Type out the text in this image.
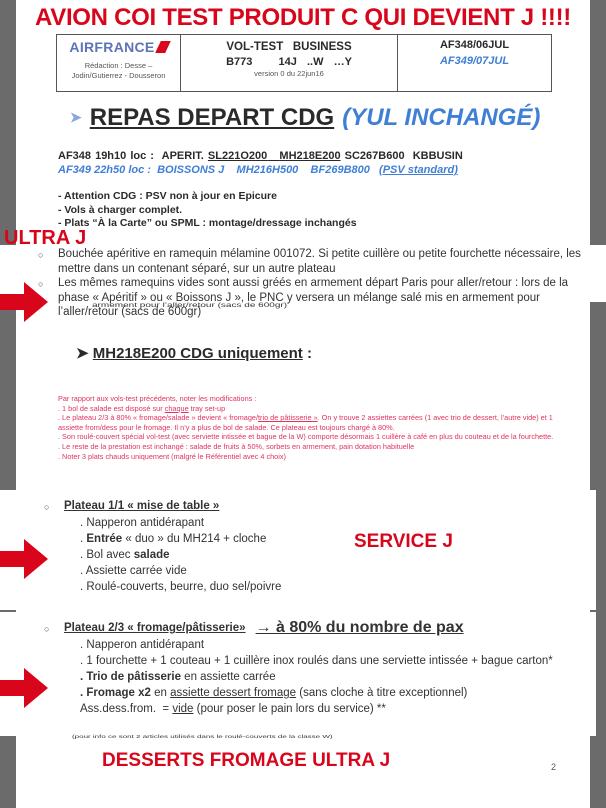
AVION COI TEST PRODUIT C QUI DEVIENT J !!!!
AIRFRANCE
Rédaction : Desse –
Jodin/Gutierrez - Dousseron
VOL-TEST   BUSINESS
B773 14J  ..W  …Y
version 0 du 22jun16
AF348/06JUL
AF349/07JUL
➤ REPAS DEPART CDG (YUL INCHANGÉ)
AF348 19h10 loc : APERIT. SL221O200 MH218E200 SC267B600 KBBUSIN
AF349 22h50 loc : BOISSONS J MH216H500 BF269B800 (PSV standard)
- Attention CDG : PSV non à jour en Epicure
- Vols à charger complet.
- Plats “À la Carte” ou SPML : montage/dressage inchangés
armement pour l’aller/retour (sacs de 600gr)
ULTRA J
○	Bouchée apéritive en ramequin mélamine 001072. Si petite cuillère ou petite fourchette nécessaire, les mettre dans un contenant séparé, sur un autre plateau
○	Les mêmes ramequins vides sont aussi gréés en armement départ Paris pour aller/retour : lors de la phase « Apéritif » ou « Boissons J », le PNC y versera un mélange salé mis en armement pour l’aller/retour (sacs de 600gr)
➤ MH218E200 CDG uniquement :
Par rapport aux vols-test précédents, noter les modifications :
. 1 bol de salade est disposé sur chaque tray set-up
. Le plateau 2/3 à 80% « fromage/salade » devient « fromage/trio de pâtisserie ». On y trouve 2 assiettes carrées (1 avec trio de dessert, l’autre vide) et 1 assiette from/dess pour le fromage. Il n’y a plus de bol de salade. Ce plateau est toujours chargé à 80%.
. Son roulé-couvert spécial vol-test (avec serviette intissée et bague de la W) comporte désormais 1 cuillère à café en plus du couteau et de la fourchette.
. Le reste de la prestation est inchangé : salade de fruits à 50%, sorbets en armement, pain dotation habituelle
. Noter 3 plats chauds uniquement (malgré le Référentiel avec 4 choix)
○	Plateau 1/1 « mise de table »
. Napperon antidérapant
. Entrée « duo » du MH214 + cloche
. Bol avec salade
. Assiette carrée vide
. Roulé-couverts, beurre, duo sel/poivre
SERVICE J
○	Plateau 2/3 « fromage/pâtisserie» → à 80% du nombre de pax
. Napperon antidérapant
. 1 fourchette + 1 couteau + 1 cuillère inox roulés dans une serviette intissée + bague carton*
. Trio de pâtisserie en assiette carrée
. Fromage x2 en assiette dessert fromage (sans cloche à titre exceptionnel)
Ass.dess.from.  = vide (pour poser le pain lors du service) **
(pour info ce sont 2 articles utilisés dans le roulé-couverts de la classe W)
DESSERTS FROMAGE ULTRA J	2
